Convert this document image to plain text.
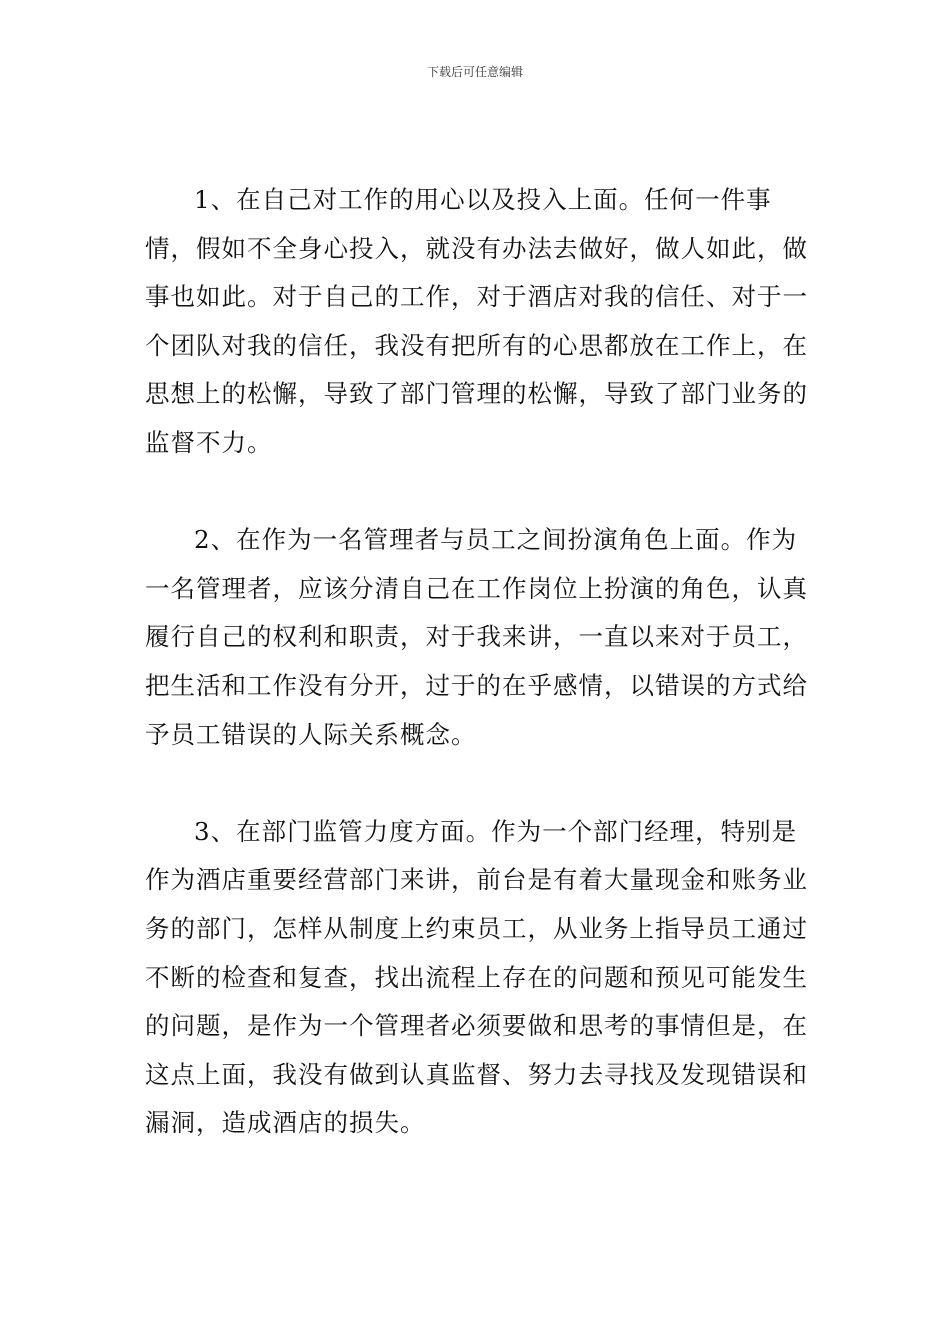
下载后可任意编辑

1、在自己对工作的用心以及投入上面。任何一件事情，假如不全身心投入，就没有办法去做好，做人如此，做事也如此。对于自己的工作，对于酒店对我的信任、对于一个团队对我的信任，我没有把所有的心思都放在工作上，在思想上的松懈，导致了部门管理的松懈，导致了部门业务的监督不力。

2、在作为一名管理者与员工之间扮演角色上面。作为一名管理者，应该分清自己在工作岗位上扮演的角色，认真履行自己的权利和职责，对于我来讲，一直以来对于员工，把生活和工作没有分开，过于的在乎感情，以错误的方式给予员工错误的人际关系概念。

3、在部门监管力度方面。作为一个部门经理，特别是作为酒店重要经营部门来讲，前台是有着大量现金和账务业务的部门，怎样从制度上约束员工，从业务上指导员工通过不断的检查和复查，找出流程上存在的问题和预见可能发生的问题，是作为一个管理者必须要做和思考的事情但是，在这点上面，我没有做到认真监督、努力去寻找及发现错误和漏洞，造成酒店的损失。
